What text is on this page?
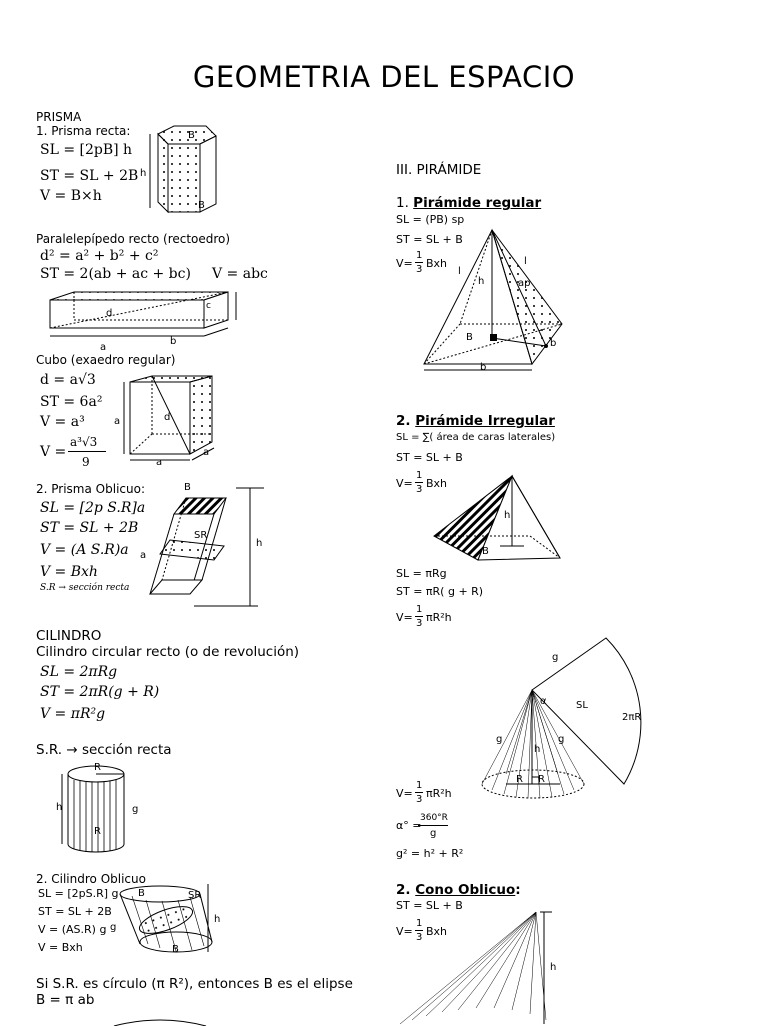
GEOMETRIA DEL ESPACIO
PRISMA
1. Prisma recta:
SL = [2pB] h
ST = SL + 2B
V = B×h
h
B
B
Paralelepípedo recto (rectoedro)
d² = a² + b² + c²
ST = 2(ab + ac + bc) V = abc
d
a
b
c
Cubo (exaedro regular)
d = a√3
ST = 6a²
V = a³
V =
a³√3
9
a	d
a
a
2. Prisma Oblicuo:
SL = [2p S.R]a
ST = SL + 2B
V = (A S.R)a
V = Bxh
S.R → sección recta
B
SR
a
h
CILINDRO
Cilindro circular recto (o de revolución)
SL = 2πRg
ST = 2πR(g + R)
V = πR²g
S.R. → sección recta
R
h	g
R
2. Cilindro Oblicuo
SL = [2pS.R] g
ST = SL + 2B
V = (AS.R) g
V = Bxh
B	SR
h
g
B
Si S.R. es círculo (π R²), entonces B es el elipse
B = π ab
III. PIRÁMIDE
1. Pirámide regular
SL = (PB) sp
ST = SL + B
V=
1
3 Bxh
l
l
h	ap
B
b
b
2. Pirámide Irregular
SL = ∑( área de caras laterales)
ST = SL + B
V=
1
3 Bxh
h
B
SL = πRg
ST = πR( g + R)
V=
1
3 πR²h
g
α	SL
2πR
g	g
h
R R
V=
1
3 πR²h
α° =
360°R
g
g² = h² + R²
2. Cono Oblicuo:
ST = SL + B
V=
1
3 Bxh
h
